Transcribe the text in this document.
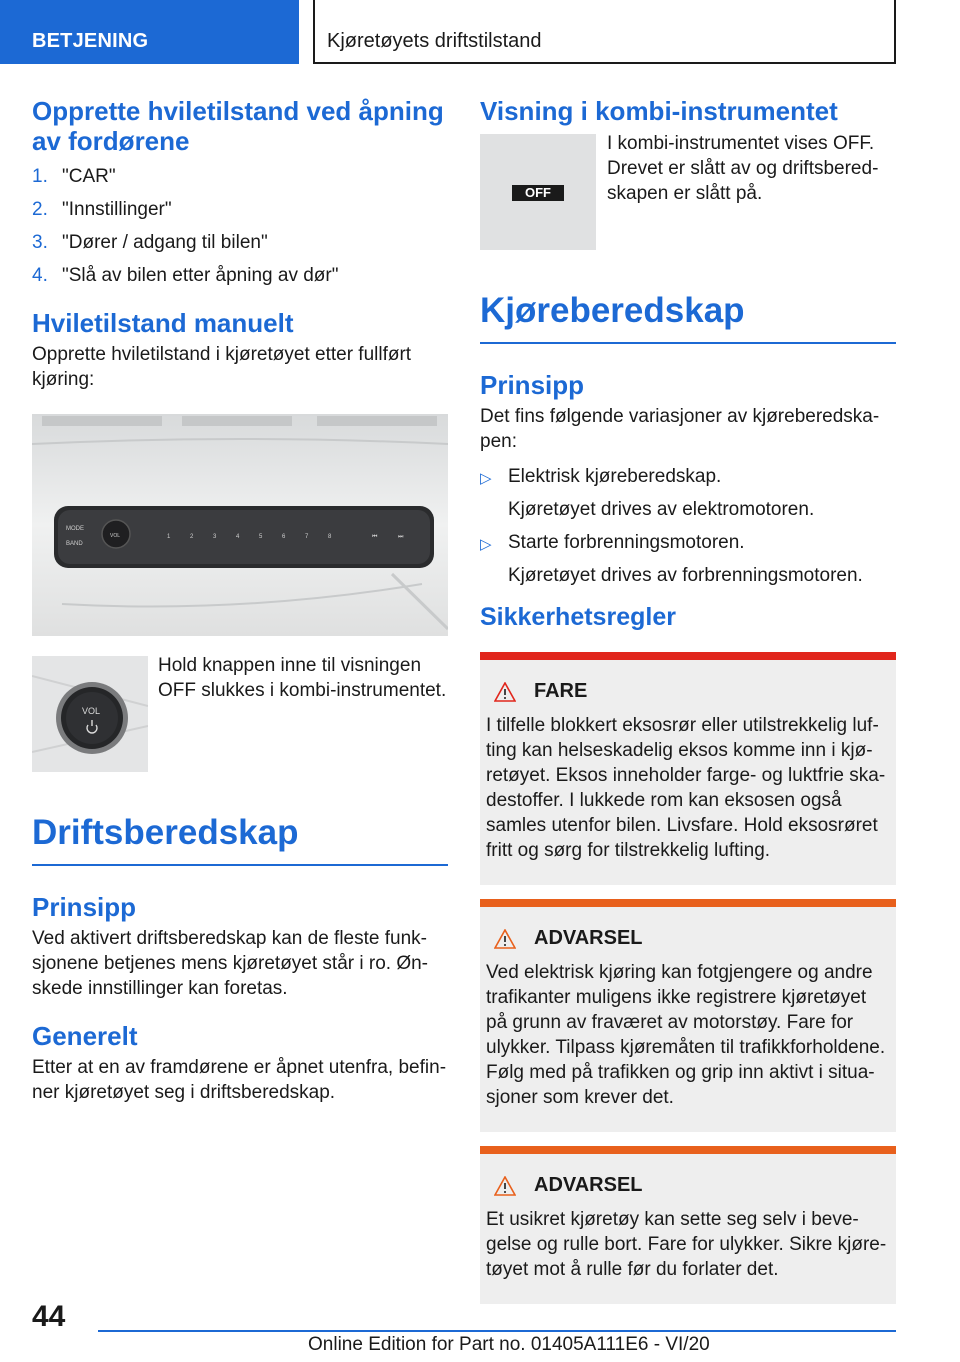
BETJENING	Kjøretøyets driftstilstand
Opprette hviletilstand ved åpning av fordørene
1. "CAR"
2. "Innstillinger"
3. "Dører / adgang til bilen"
4. "Slå av bilen etter åpning av dør"
Hviletilstand manuelt

Opprette hviletilstand i kjøretøyet etter fullført kjøring:

MODE
BAND
VOL	1	2	3	4	5	6	7	8	⏮	⏭
VOL

Hold knappen inne til visningen OFF slukkes i kombi-instrumentet.

Driftsberedskap
Prinsipp

Ved aktivert driftsberedskap kan de fleste funksjonene betjenes mens kjøretøyet står i ro. Ønskede innstillinger kan foretas.

Generelt

Etter at en av framdørene er åpnet utenfra, befinner kjøretøyet seg i driftsberedskap.

Visning i kombi-instrumentet
OFF

I kombi-instrumentet vises OFF. Drevet er slått av og driftsberedskapen er slått på.

Kjøreberedskap
Prinsipp

Det fins følgende variasjoner av kjøreberedskapen:

▷ Elektrisk kjøreberedskap.
Kjøretøyet drives av elektromotoren.
▷ Starte forbrenningsmotoren.
Kjøretøyet drives av forbrenningsmotoren.
Sikkerhetsregler
FARE

I tilfelle blokkert eksosrør eller utilstrekkelig lufting kan helseskadelig eksos komme inn i kjøretøyet. Eksos inneholder farge- og luktfrie skadestoffer. I lukkede rom kan eksosen også samles utenfor bilen. Livsfare. Hold eksosrøret fritt og sørg for tilstrekkelig lufting.

ADVARSEL

Ved elektrisk kjøring kan fotgjengere og andre trafikanter muligens ikke registrere kjøretøyet på grunn av fraværet av motorstøy. Fare for ulykker. Tilpass kjøremåten til trafikkforholdene. Følg med på trafikken og grip inn aktivt i situasjoner som krever det.

ADVARSEL

Et usikret kjøretøy kan sette seg selv i bevegelse og rulle bort. Fare for ulykker. Sikre kjøretøyet mot å rulle før du forlater det.

44
Online Edition for Part no. 01405A111E6 - VI/20
